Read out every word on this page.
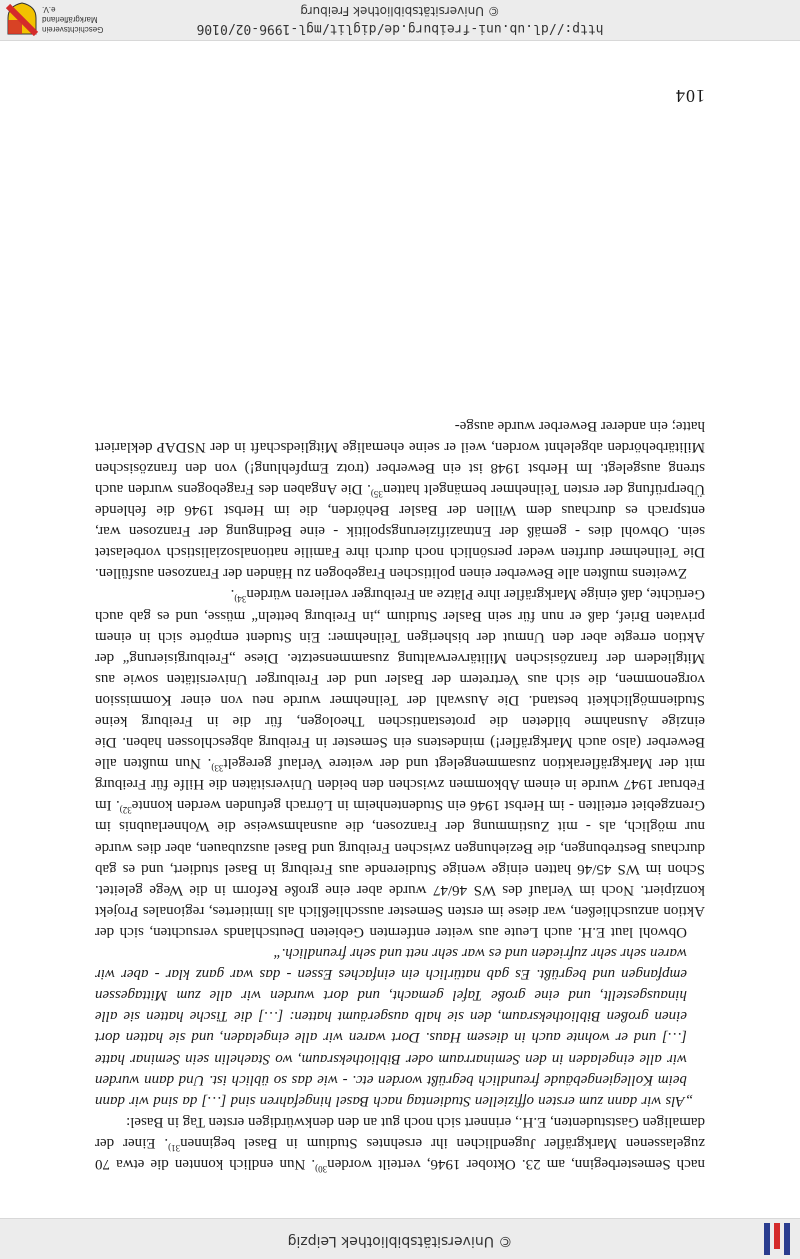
© Universitätsbibliothek Leipzig

nach Semesterbeginn, am 23. Oktober 1946, verteilt worden$^{30)}$. Nun endlich konnten die etwa 70 zugelassenen Markgräfler Jugendlichen ihr ersehntes Studium in Basel beginnen$^{31)}$. Einer der damaligen Gaststudenten, E.H., erinnert sich noch gut an den denkwürdigen ersten Tag in Basel:

„Als wir dann zum ersten offiziellen Studientag nach Basel hingefahren sind […] da sind wir dann beim Kollegiengebäude freundlich begrüßt worden etc. - wie das so üblich ist. Und dann wurden wir alle eingeladen in den Seminarraum oder Bibliotheksraum, wo Staehelin sein Seminar hatte […] und er wohnte auch in diesem Haus. Dort waren wir alle eingeladen, und sie hatten dort einen großen Bibliotheksraum, den sie halb ausgeräumt hatten: […] die Tische hatten sie alle hinausgestellt, und eine große Tafel gemacht, und dort wurden wir alle zum Mittagessen empfangen und begrüßt. Es gab natürlich ein einfaches Essen - das war ganz klar - aber wir waren sehr sehr zufrieden und es war sehr nett und sehr freundlich.“

Obwohl laut E.H. auch Leute aus weiter entfernten Gebieten Deutschlands versuchten, sich der Aktion anzuschließen, war diese im ersten Semester ausschließlich als limitiertes, regionales Projekt konzipiert. Noch im Verlauf des WS 46/47 wurde aber eine große Reform in die Wege geleitet. Schon im WS 45/46 hatten einige wenige Studierende aus Freiburg in Basel studiert, und es gab durchaus Bestrebungen, die Beziehungen zwischen Freiburg und Basel auszubauen, aber dies wurde nur möglich, als - mit Zustimmung der Franzosen, die ausnahmsweise die Wohnerlaubnis im Grenzgebiet erteilten - im Herbst 1946 ein Studentenheim in Lörrach gefunden werden konnte$^{32)}$. Im Februar 1947 wurde in einem Abkommen zwischen den beiden Universitäten die Hilfe für Freiburg mit der Markgräfleraktion zusammengelegt und der weitere Verlauf geregelt$^{33)}$. Nun mußten alle Bewerber (also auch Markgräfler!) mindestens ein Semester in Freiburg abgeschlossen haben. Die einzige Ausnahme bildeten die protestantischen Theologen, für die in Freiburg keine Studienmöglichkeit bestand. Die Auswahl der Teilnehmer wurde neu von einer Kommission vorgenommen, die sich aus Vertretern der Basler und der Freiburger Universitäten sowie aus Mitgliedern der französischen Militärverwaltung zusammensetzte. Diese „Freiburgisierung“ der Aktion erregte aber den Unmut der bisherigen Teilnehmer: Ein Student empörte sich in einem privaten Brief, daß er nun für sein Basler Studium „in Freiburg betteln“ müsse, und es gab auch Gerüchte, daß einige Markgräfler ihre Plätze an Freiburger verlieren würden$^{34)}$.

Zweitens mußten alle Bewerber einen politischen Fragebogen zu Händen der Franzosen ausfüllen. Die Teilnehmer durften weder persönlich noch durch ihre Familie nationalsozialistisch vorbelastet sein. Obwohl dies - gemäß der Entnazifizierungspolitik - eine Bedingung der Franzosen war, entsprach es durchaus dem Willen der Basler Behörden, die im Herbst 1946 die fehlende Überprüfung der ersten Teilnehmer bemängelt hatten$^{35)}$. Die Angaben des Fragebogens wurden auch streng ausgelegt. Im Herbst 1948 ist ein Bewerber (trotz Empfehlung!) von den französischen Militärbehörden abgelehnt worden, weil er seine ehemalige Mitgliedschaft in der NSDAP deklariert hatte; ein anderer Bewerber wurde ausge-

104
http://dl.ub.uni-freiburg.de/diglit/mgl-1996-02/0106
© Universitätsbibliothek Freiburg
Geschichtsverein
Markgräflerland e.V.
